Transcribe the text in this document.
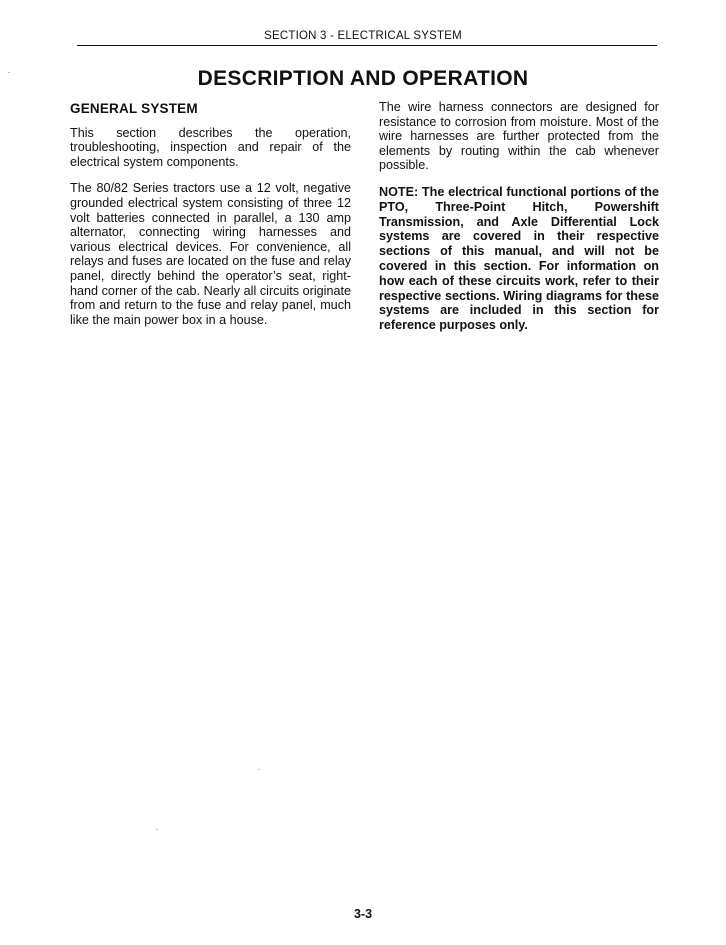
SECTION 3 - ELECTRICAL SYSTEM
DESCRIPTION AND OPERATION
GENERAL SYSTEM

This section describes the operation, troubleshooting, inspection and repair of the electrical system components.

The 80/82 Series tractors use a 12 volt, negative grounded electrical system consisting of three 12 volt batteries connected in parallel, a 130 amp alternator, connecting wiring harnesses and various electrical devices. For convenience, all relays and fuses are located on the fuse and relay panel, directly behind the operator’s seat, right-hand corner of the cab. Nearly all circuits originate from and return to the fuse and relay panel, much like the main power box in a house.

The wire harness connectors are designed for resistance to corrosion from moisture. Most of the wire harnesses are further protected from the elements by routing within the cab whenever possible.

NOTE: The electrical functional portions of the PTO, Three-Point Hitch, Powershift Transmission, and Axle Differential Lock systems are covered in their respective sections of this manual, and will not be covered in this section. For information on how each of these circuits work, refer to their respective sections. Wiring diagrams for these systems are included in this section for reference purposes only.

3-3
